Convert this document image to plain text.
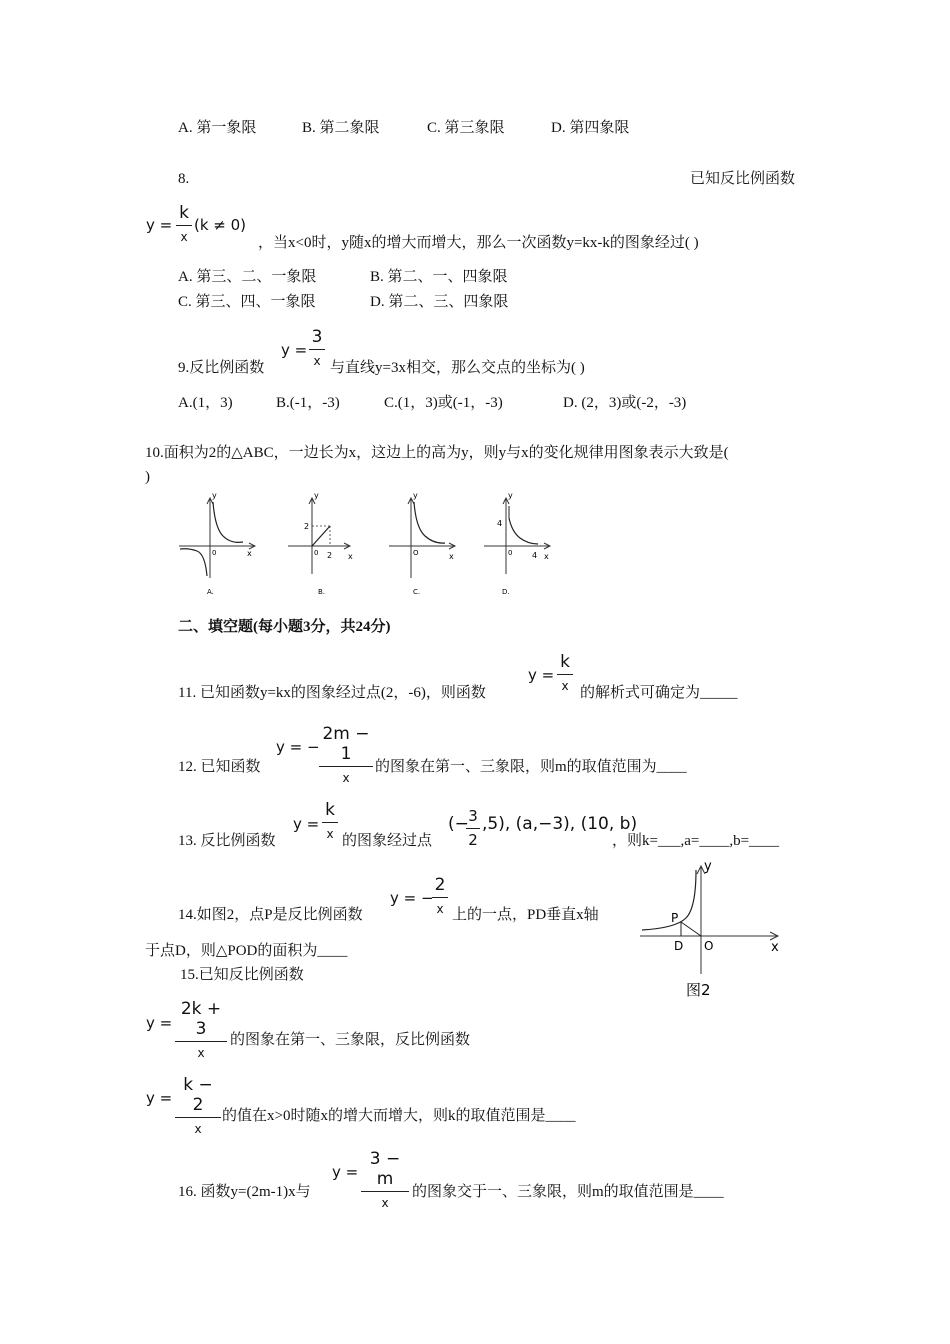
A. 第一象限	B. 第二象限	C. 第三象限	D. 第四象限
8.	已知反比例函数
y =
k
x
(k ≠ 0)
，当x<0时，y随x的增大而增大，那么一次函数y=kx-k的图象经过( )
A. 第三、二、一象限	B. 第二、一、四象限
C. 第三、四、一象限	D. 第二、三、四象限
y =
3
x
9.反比例函数	与直线y=3x相交，那么交点的坐标为( )
A.(1，3)	B.(-1，-3)	C.(1，3)或(-1，-3)	D. (2，3)或(-2，-3)
10.面积为2的△ABC，一边长为x，这边上的高为y，则y与x的变化规律用图象表示大致是(
)
y
x
0
A.
y
x
0 2
2
B.
y
x
O
C.
y
x
0 4
4
D.
二、填空题(每小题3分，共24分)
y =
k
x
11. 已知函数y=kx的图象经过点(2，-6)，则函数	的解析式可确定为_____
y = −
2m − 1
x
12. 已知函数	的图象在第一、三象限，则m的取值范围为____
y =
k
x
13. 反比例函数	的图象经过点
(− 3
2
,5), (a,−3), (10, b)
，则k=___,a=____,b=____
y = −
2
x
14.如图2，点P是反比例函数	上的一点，PD垂直x轴
于点D，则△POD的面积为____
y
x
P
D O
图2
15.已知反比例函数
y =
2k + 3
x
的图象在第一、三象限，反比例函数
y =
k − 2
x
的值在x>0时随x的增大而增大，则k的取值范围是____
y =
3 − m
x
16. 函数y=(2m-1)x与	的图象交于一、三象限，则m的取值范围是____
